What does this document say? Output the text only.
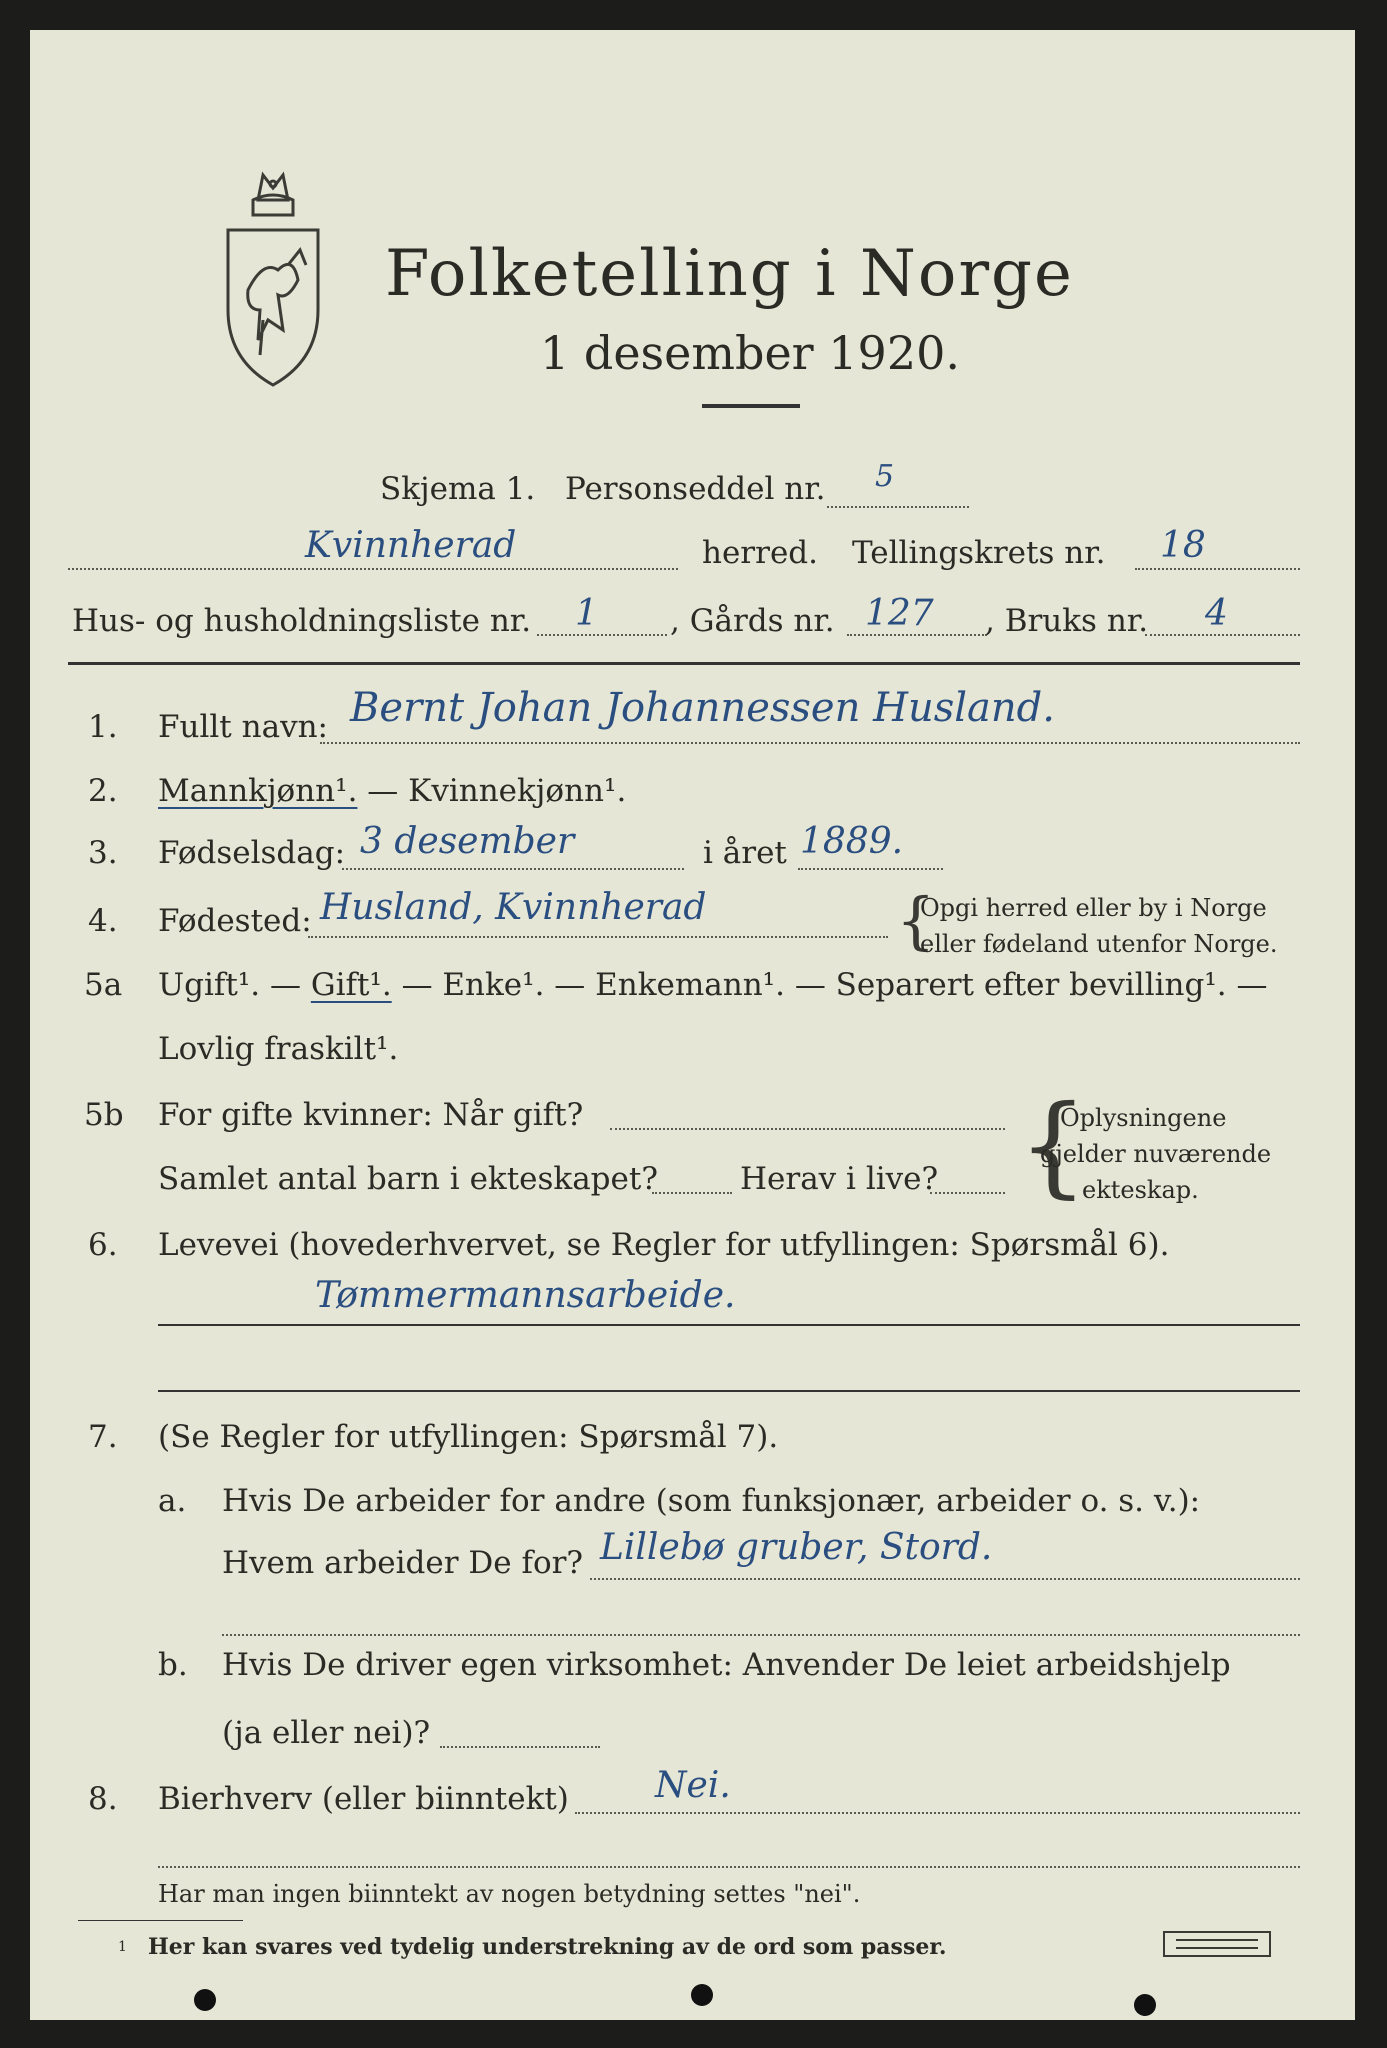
Folketelling i Norge
1 desember 1920.
Skjema 1. Personseddel nr. 5
Kvinnherad	herred. Tellingskrets nr. 18
Hus- og husholdningsliste nr. 1 , Gårds nr. 127 , Bruks nr. 4
1. Fullt navn: Bernt Johan Johannessen Husland.
2. Mannkjønn¹. — Kvinnekjønn¹.
3. Fødselsdag: 3 desember	i året 1889.
4. Fødested: Husland, Kvinnherad	{
Opgi herred eller by i Norge
eller fødeland utenfor Norge.
5a Ugift¹. — Gift¹. — Enke¹. — Enkemann¹. — Separert efter bevilling¹. —
Lovlig fraskilt¹.
5b For gifte kvinner: Når gift?
Samlet antal barn i ekteskapet?	Herav i live? {
Oplysningene
gjelder nuværende
ekteskap.
6. Levevei (hovederhvervet, se Regler for utfyllingen: Spørsmål 6).
Tømmermannsarbeide.
7. (Se Regler for utfyllingen: Spørsmål 7).
a. Hvis De arbeider for andre (som funksjonær, arbeider o. s. v.):
Hvem arbeider De for? Lillebø gruber, Stord.
b. Hvis De driver egen virksomhet: Anvender De leiet arbeidshjelp
(ja eller nei)?
8. Bierhverv (eller biinntekt) Nei.
Har man ingen biinntekt av nogen betydning settes "nei".
1 Her kan svares ved tydelig understrekning av de ord som passer.
